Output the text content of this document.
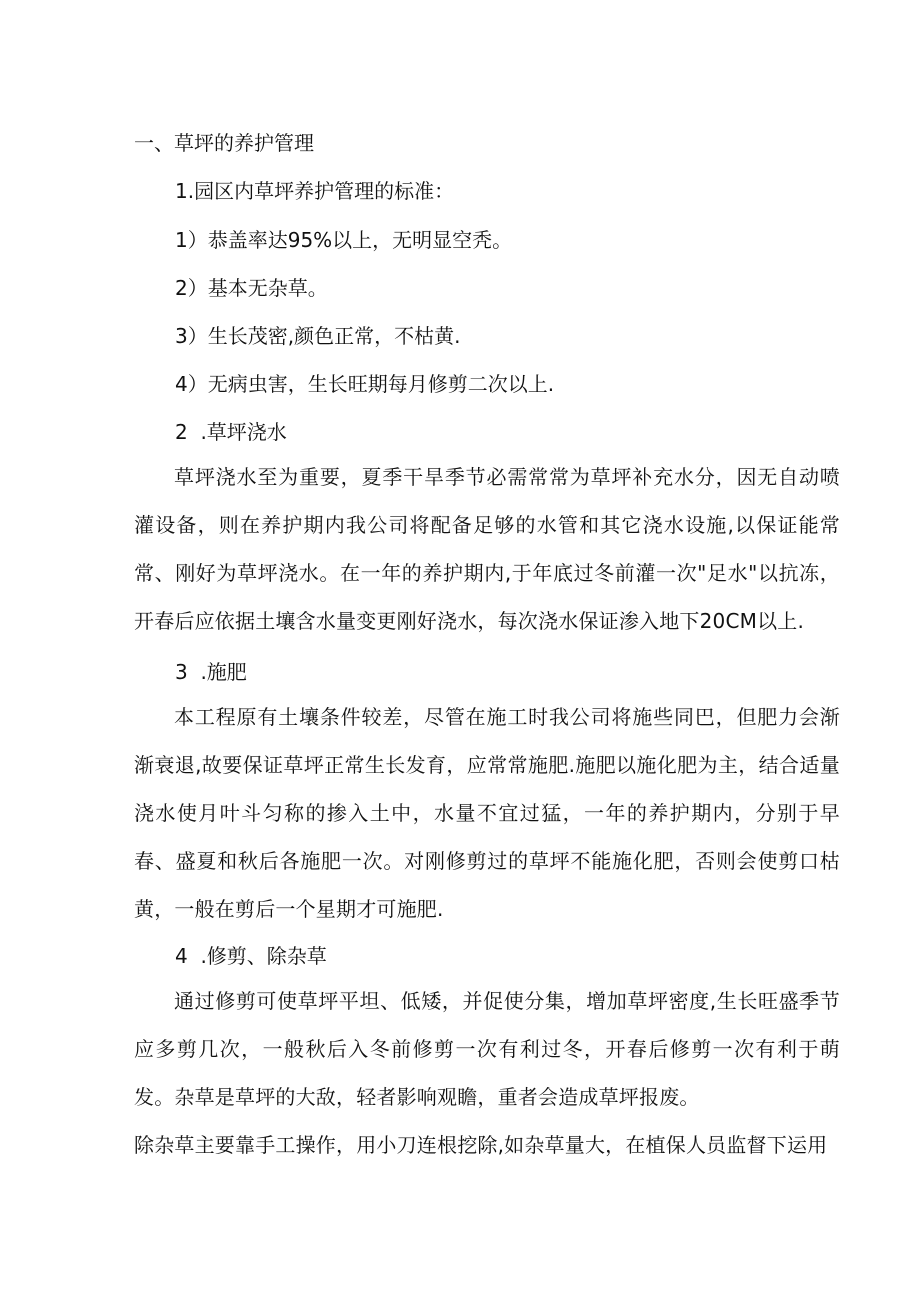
一、草坪的养护管理

1.园区内草坪养护管理的标准：

1）恭盖率达95%以上，无明显空秃。

2）基本无杂草。

3）生长茂密,颜色正常，不枯黄.

4）无病虫害，生长旺期每月修剪二次以上.

2  .草坪浇水

草坪浇水至为重要，夏季干旱季节必需常常为草坪补充水分，因无自动喷灌设备，则在养护期内我公司将配备足够的水管和其它浇水设施,以保证能常常、刚好为草坪浇水。在一年的养护期内,于年底过冬前灌一次"足水"以抗冻，开春后应依据土壤含水量变更刚好浇水，每次浇水保证渗入地下20CM以上.

3  .施肥

本工程原有土壤条件较差，尽管在施工时我公司将施些同巴，但肥力会渐渐衰退,故要保证草坪正常生长发育，应常常施肥.施肥以施化肥为主，结合适量浇水使月叶斗匀称的掺入土中，水量不宜过猛，一年的养护期内，分别于早春、盛夏和秋后各施肥一次。对刚修剪过的草坪不能施化肥，否则会使剪口枯黄，一般在剪后一个星期才可施肥.

4  .修剪、除杂草

通过修剪可使草坪平坦、低矮，并促使分集，增加草坪密度,生长旺盛季节应多剪几次，一般秋后入冬前修剪一次有利过冬，开春后修剪一次有利于萌发。杂草是草坪的大敌，轻者影响观瞻，重者会造成草坪报废。

除杂草主要靠手工操作，用小刀连根挖除,如杂草量大，在植保人员监督下运用
